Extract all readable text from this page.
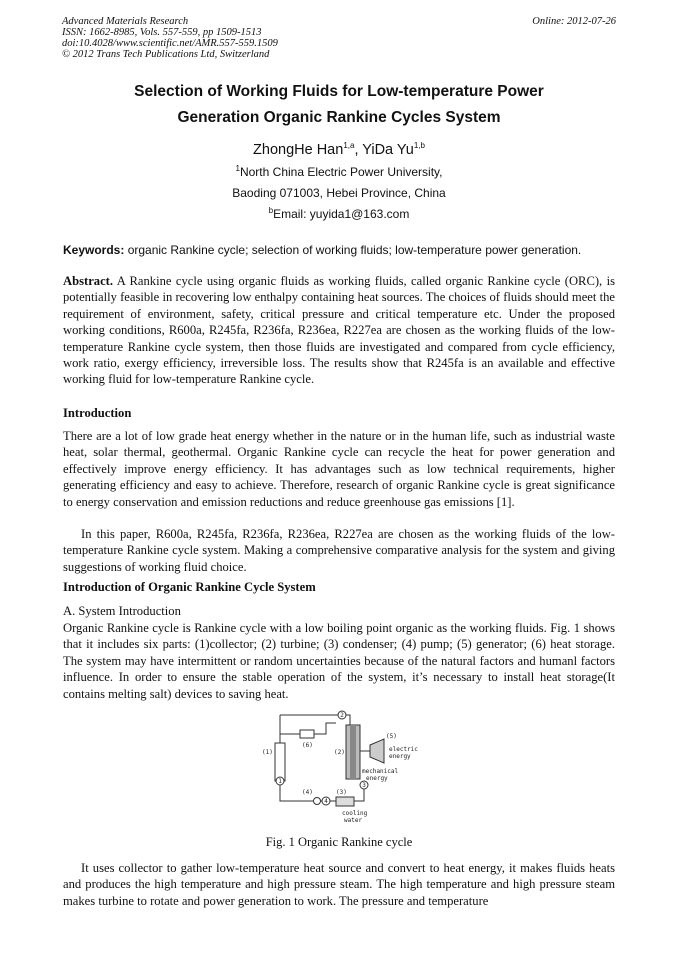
Advanced Materials Research
ISSN: 1662-8985, Vols. 557-559, pp 1509-1513
doi:10.4028/www.scientific.net/AMR.557-559.1509
© 2012 Trans Tech Publications Ltd, Switzerland
Online: 2012-07-26
Selection of Working Fluids for Low-temperature Power
Generation Organic Rankine Cycles System
ZhongHe Han$^{1,a}$, YiDa Yu$^{1,b}$
$^1$North China Electric Power University,
Baoding 071003, Hebei Province, China
$^b$Email: yuyida1@163.com
Keywords: organic Rankine cycle; selection of working fluids; low-temperature power generation.
Abstract. A Rankine cycle using organic fluids as working fluids, called organic Rankine cycle (ORC), is potentially feasible in recovering low enthalpy containing heat sources. The choices of fluids should meet the requirement of environment, safety, critical pressure and critical temperature etc. Under the proposed working conditions, R600a, R245fa, R236fa, R236ea, R227ea are chosen as the working fluids of the low-temperature Rankine cycle system, then those fluids are investigated and compared from cycle efficiency, work ratio, exergy efficiency, irreversible loss. The results show that R245fa is an available and effective working fluid for low-temperature Rankine cycle.
Introduction
There are a lot of low grade heat energy whether in the nature or in the human life, such as industrial waste heat, solar thermal, geothermal. Organic Rankine cycle can recycle the heat for power generation and effectively improve energy efficiency. It has advantages such as low technical requirements, higher generating efficiency and easy to achieve. Therefore, research of organic Rankine cycle is great significance to energy conservation and emission reductions and reduce greenhouse gas emissions [1].
In this paper, R600a, R245fa, R236fa, R236ea, R227ea are chosen as the working fluids of the low-temperature Rankine cycle system. Making a comprehensive comparative analysis for the system and giving suggestions of working fluid choice.
Introduction of Organic Rankine Cycle System
A. System Introduction
Organic Rankine cycle is Rankine cycle with a low boiling point organic as the working fluids. Fig. 1 shows that it includes six parts: (1)collector; (2) turbine; (3) condenser; (4) pump; (5) generator; (6) heat storage. The system may have intermittent or random uncertainties because of the natural factors and humanl factors influence. In order to ensure the stable operation of the system, it’s necessary to install heat storage(It contains melting salt) devices to saving heat.
2
1
3
4
(1)	(2)
(3)
(4)
(5)
(6)
electric
energy
mechanical
energy
cooling
water
Fig. 1 Organic Rankine cycle
It uses collector to gather low-temperature heat source and convert to heat energy, it makes fluids heats and produces the high temperature and high pressure steam. The high temperature and high pressure steam makes turbine to rotate and power generation to work. The pressure and temperature
